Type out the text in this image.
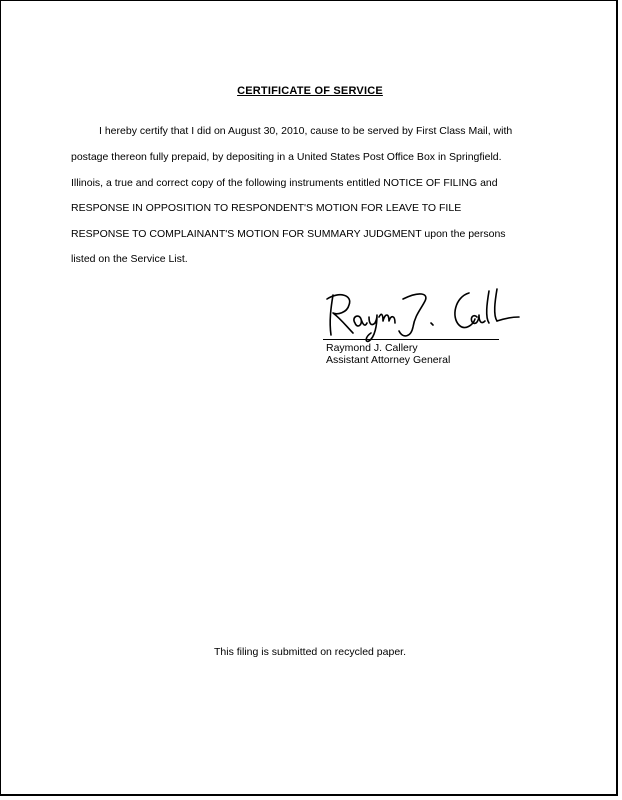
CERTIFICATE OF SERVICE
I hereby certify that I did on August 30, 2010, cause to be served by First Class Mail, with
postage thereon fully prepaid, by depositing in a United States Post Office Box in Springfield.
Illinois, a true and correct copy of the following instruments entitled NOTICE OF FILING and
RESPONSE IN OPPOSITION TO RESPONDENT'S MOTION FOR LEAVE TO FILE
RESPONSE TO COMPLAINANT'S MOTION FOR SUMMARY JUDGMENT upon the persons
listed on the Service List.
Raymond J. Callery
Assistant Attorney General
This filing is submitted on recycled paper.
